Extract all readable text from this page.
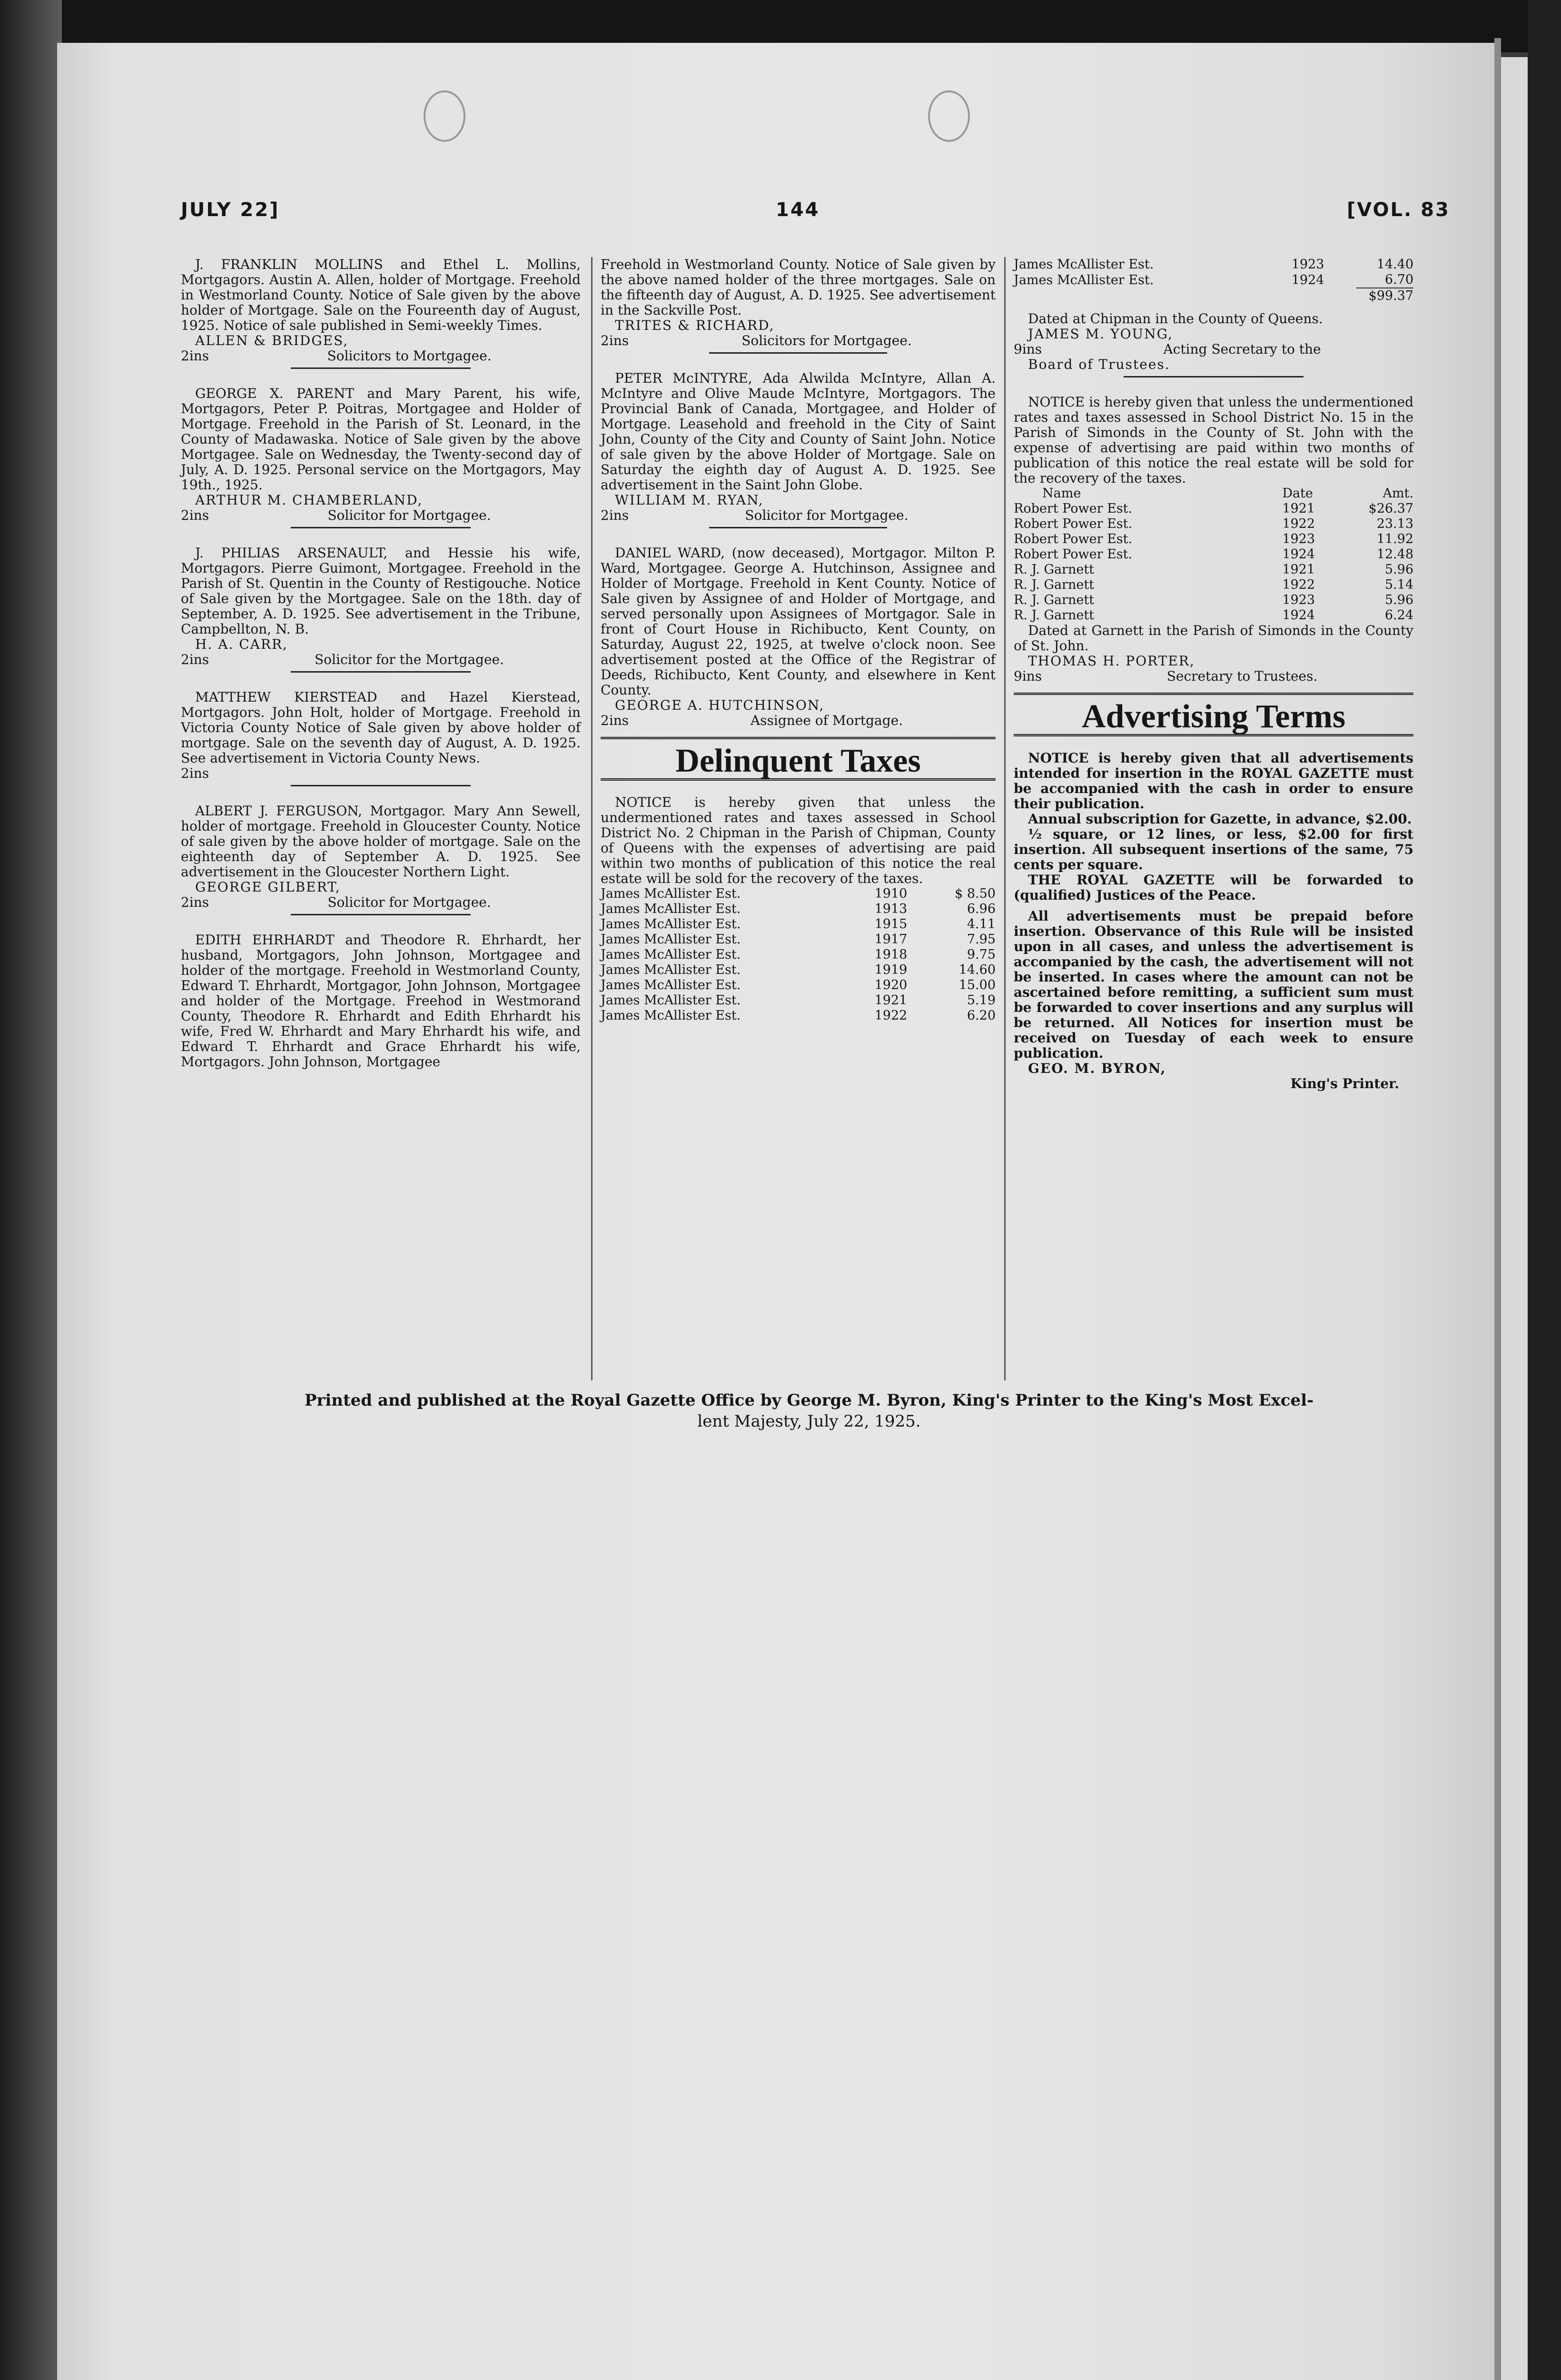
JULY 22]	144	[VOL. 83

J. FRANKLIN MOLLINS and Ethel L. Mollins, Mortgagors. Austin A. Allen, holder of Mortgage. Freehold in Westmorland County. Notice of Sale given by the above holder of Mortgage. Sale on the Foureenth day of August, 1925. Notice of sale published in Semi-weekly Times.

ALLEN & BRIDGES,

2ins	Solicitors to Mortgagee.

GEORGE X. PARENT and Mary Parent, his wife, Mortgagors, Peter P. Poitras, Mortgagee and Holder of Mortgage. Freehold in the Parish of St. Leonard, in the County of Madawaska. Notice of Sale given by the above Mortgagee. Sale on Wednesday, the Twenty-second day of July, A. D. 1925. Personal service on the Mortgagors, May 19th., 1925.

ARTHUR M. CHAMBERLAND,

2ins	Solicitor for Mortgagee.

J. PHILIAS ARSENAULT, and Hessie his wife, Mortgagors. Pierre Guimont, Mortgagee. Freehold in the Parish of St. Quentin in the County of Restigouche. Notice of Sale given by the Mortgagee. Sale on the 18th. day of September, A. D. 1925. See advertisement in the Tribune, Campbellton, N. B.

H. A. CARR,

2ins	Solicitor for the Mortgagee.

MATTHEW KIERSTEAD and Hazel Kierstead, Mortgagors. John Holt, holder of Mortgage. Freehold in Victoria County Notice of Sale given by above holder of mortgage. Sale on the seventh day of August, A. D. 1925. See advertisement in Victoria County News.

2ins

ALBERT J. FERGUSON, Mortgagor. Mary Ann Sewell, holder of mortgage. Freehold in Gloucester County. Notice of sale given by the above holder of mortgage. Sale on the eighteenth day of September A. D. 1925. See advertisement in the Gloucester Northern Light.

GEORGE GILBERT,

2ins	Solicitor for Mortgagee.

EDITH EHRHARDT and Theodore R. Ehrhardt, her husband, Mortgagors, John Johnson, Mortgagee and holder of the mortgage. Freehold in Westmorland County, Edward T. Ehrhardt, Mortgagor, John Johnson, Mortgagee and holder of the Mortgage. Freehod in Westmorand County, Theodore R. Ehrhardt and Edith Ehrhardt his wife, Fred W. Ehrhardt and Mary Ehrhardt his wife, and Edward T. Ehrhardt and Grace Ehrhardt his wife, Mortgagors. John Johnson, Mortgagee

Freehold in Westmorland County. Notice of Sale given by the above named holder of the three mortgages. Sale on the fifteenth day of August, A. D. 1925. See advertisement in the Sackville Post.

TRITES & RICHARD,

2ins	Solicitors for Mortgagee.

PETER McINTYRE, Ada Alwilda McIntyre, Allan A. McIntyre and Olive Maude McIntyre, Mortgagors. The Provincial Bank of Canada, Mortgagee, and Holder of Mortgage. Leasehold and freehold in the City of Saint John, County of the City and County of Saint John. Notice of sale given by the above Holder of Mortgage. Sale on Saturday the eighth day of August A. D. 1925. See advertisement in the Saint John Globe.

WILLIAM M. RYAN,

2ins	Solicitor for Mortgagee.

DANIEL WARD, (now deceased), Mortgagor. Milton P. Ward, Mortgagee. George A. Hutchinson, Assignee and Holder of Mortgage. Freehold in Kent County. Notice of Sale given by Assignee of and Holder of Mortgage, and served personally upon Assignees of Mortgagor. Sale in front of Court House in Richibucto, Kent County, on Saturday, August 22, 1925, at twelve o'clock noon. See advertisement posted at the Office of the Registrar of Deeds, Richibucto, Kent County, and elsewhere in Kent County.

GEORGE A. HUTCHINSON,

2ins	Assignee of Mortgage.
Delinquent Taxes

NOTICE is hereby given that unless the undermentioned rates and taxes assessed in School District No. 2 Chipman in the Parish of Chipman, County of Queens with the expenses of advertising are paid within two months of publication of this notice the real estate will be sold for the recovery of the taxes.

James McAllister Est.	1910	$ 8.50
James McAllister Est.	1913	6.96
James McAllister Est.	1915	4.11
James McAllister Est.	1917	7.95
James McAllister Est.	1918	9.75
James McAllister Est.	1919	14.60
James McAllister Est.	1920	15.00
James McAllister Est.	1921	5.19
James McAllister Est.	1922	6.20
James McAllister Est.	1923	14.40
James McAllister Est.	1924	6.70
		$99.37

Dated at Chipman in the County of Queens.

JAMES M. YOUNG,

9ins	Acting Secretary to the

Board of Trustees.

NOTICE is hereby given that unless the undermentioned rates and taxes assessed in School District No. 15 in the Parish of Simonds in the County of St. John with the expense of advertising are paid within two months of publication of this notice the real estate will be sold for the recovery of the taxes.

Name	Date	Amt.
Robert Power Est.	1921	$26.37
Robert Power Est.	1922	23.13
Robert Power Est.	1923	11.92
Robert Power Est.	1924	12.48
R. J. Garnett	1921	5.96
R. J. Garnett	1922	5.14
R. J. Garnett	1923	5.96
R. J. Garnett	1924	6.24

Dated at Garnett in the Parish of Simonds in the County of St. John.

THOMAS H. PORTER,

9ins	Secretary to Trustees.
Advertising Terms

NOTICE is hereby given that all advertisements intended for insertion in the ROYAL GAZETTE must be accompanied with the cash in order to ensure their publication.

Annual subscription for Gazette, in advance, $2.00.

½ square, or 12 lines, or less, $2.00 for first insertion. All subsequent insertions of the same, 75 cents per square.

THE ROYAL GAZETTE will be forwarded to (qualified) Justices of the Peace.

All advertisements must be prepaid before insertion. Observance of this Rule will be insisted upon in all cases, and unless the advertisement is accompanied by the cash, the advertisement will not be inserted. In cases where the amount can not be ascertained before remitting, a sufficient sum must be forwarded to cover insertions and any surplus will be returned. All Notices for insertion must be received on Tuesday of each week to ensure publication.

GEO. M. BYRON,

King's Printer.

Printed and published at the Royal Gazette Office by George M. Byron, King's Printer to the King's Most Excel-
lent Majesty, July 22, 1925.
